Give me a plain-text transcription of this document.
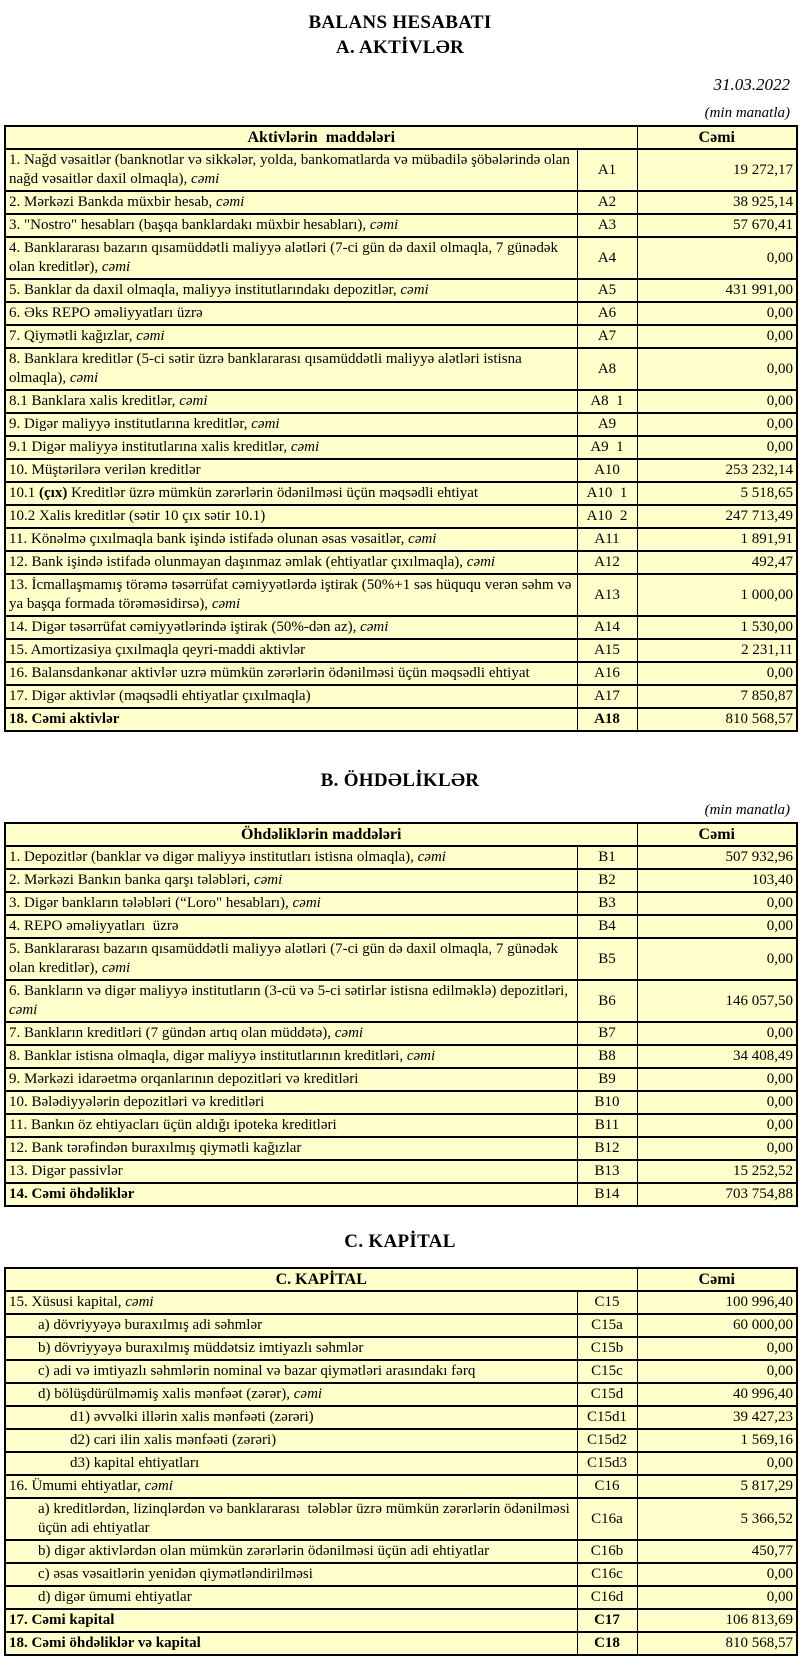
BALANS HESABATI
A. AKTİVLƏR
31.03.2022
(min manatla)
Aktivlərin  maddələri		Cəmi
1. Nağd vəsaitlər (banknotlar və sikkələr, yolda, bankomatlarda və mübadilə şöbələrində olan nağd vəsaitlər daxil olmaqla), cəmi	A1	19 272,17
2. Mərkəzi Bankda müxbir hesab, cəmi	A2	38 925,14
3. "Nostro" hesabları (başqa banklardakı müxbir hesabları), cəmi	A3	57 670,41
4. Banklararası bazarın qısamüddətli maliyyə alətləri (7-ci gün də daxil olmaqla, 7 günədək olan kreditlər), cəmi	A4	0,00
5. Banklar da daxil olmaqla, maliyyə institutlarındakı depozitlər, cəmi	A5	431 991,00
6. Əks REPO əməliyyatları üzrə	A6	0,00
7. Qiymətli kağızlar, cəmi	A7	0,00
8. Banklara kreditlər (5-ci sətir üzrə banklararası qısamüddətli maliyyə alətləri istisna olmaqla), cəmi	A8	0,00
8.1 Banklara xalis kreditlər, cəmi	A8  1	0,00
9. Digər maliyyə institutlarına kreditlər, cəmi	A9	0,00
9.1 Digər maliyyə institutlarına xalis kreditlər, cəmi	A9  1	0,00
10. Müştərilərə verilən kreditlər	A10	253 232,14
10.1 (çıx) Kreditlər üzrə mümkün zərərlərin ödənilməsi üçün məqsədli ehtiyat	A10  1	5 518,65
10.2 Xalis kreditlər (sətir 10 çıx sətir 10.1)	A10  2	247 713,49
11. Könəlmə çıxılmaqla bank işində istifadə olunan əsas vəsaitlər, cəmi	A11	1 891,91
12. Bank işində istifadə olunmayan daşınmaz əmlak (ehtiyatlar çıxılmaqla), cəmi	A12	492,47
13. İcmallaşmamış törəmə təsərrüfat cəmiyyətlərdə iştirak (50%+1 səs hüququ verən səhm və ya başqa formada törəməsidirsə), cəmi	A13	1 000,00
14. Digər təsərrüfat cəmiyyətlərində iştirak (50%-dən az), cəmi	A14	1 530,00
15. Amortizasiya çıxılmaqla qeyri-maddi aktivlər	A15	2 231,11
16. Balansdankənar aktivlər uzrə mümkün zərərlərin ödənilməsi üçün məqsədli ehtiyat	A16	0,00
17. Digər aktivlər (məqsədli ehtiyatlar çıxılmaqla)	A17	7 850,87
18. Cəmi aktivlər	A18	810 568,57
B. ÖHDƏLİKLƏR
(min manatla)
Öhdəliklərin maddələri		Cəmi
1. Depozitlər (banklar və digər maliyyə institutları istisna olmaqla), cəmi	B1	507 932,96
2. Mərkəzi Bankın banka qarşı tələbləri, cəmi	B2	103,40
3. Digər bankların tələbləri (“Loro" hesabları), cəmi	B3	0,00
4. REPO əməliyyatları  üzrə	B4	0,00
5. Banklararası bazarın qısamüddətli maliyyə alətləri (7-ci gün də daxil olmaqla, 7 günədək olan kreditlər), cəmi	B5	0,00
6. Bankların və digər maliyyə institutların (3-cü və 5-ci sətirlər istisna edilməklə) depozitləri, cəmi	B6	146 057,50
7. Bankların kreditləri (7 gündən artıq olan müddətə), cəmi	B7	0,00
8. Banklar istisna olmaqla, digər maliyyə institutlarının kreditləri, cəmi	B8	34 408,49
9. Mərkəzi idarəetmə orqanlarının depozitləri və kreditləri	B9	0,00
10. Bələdiyyələrin depozitləri və kreditləri	B10	0,00
11. Bankın öz ehtiyacları üçün aldığı ipoteka kreditləri	B11	0,00
12. Bank tərəfindən buraxılmış qiymətli kağızlar	B12	0,00
13. Digər passivlər	B13	15 252,52
14. Cəmi öhdəliklər	B14	703 754,88
C. KAPİTAL
C. KAPİTAL		Cəmi
15. Xüsusi kapital, cəmi	C15	100 996,40
a) dövriyyəyə buraxılmış adi səhmlər	C15a	60 000,00
b) dövriyyəyə buraxılmış müddətsiz imtiyazlı səhmlər	C15b	0,00
c) adi və imtiyazlı səhmlərin nominal və bazar qiymətləri arasındakı fərq	C15c	0,00
d) bölüşdürülməmiş xalis mənfəət (zərər), cəmi	C15d	40 996,40
d1) əvvəlki illərin xalis mənfəəti (zərəri)	C15d1	39 427,23
d2) cari ilin xalis mənfəəti (zərəri)	C15d2	1 569,16
d3) kapital ehtiyatları	C15d3	0,00
16. Ümumi ehtiyatlar, cəmi	C16	5 817,29
a) kreditlərdən, lizinqlərdən və banklararası  tələblər üzrə mümkün zərərlərin ödənilməsi üçün adi ehtiyatlar	C16a	5 366,52
b) digər aktivlərdən olan mümkün zərərlərin ödənilməsi üçün adi ehtiyatlar	C16b	450,77
c) əsas vəsaitlərin yenidən qiymətləndirilməsi	C16c	0,00
d) digər ümumi ehtiyatlar	C16d	0,00
17. Cəmi kapital	C17	106 813,69
18. Cəmi öhdəliklər və kapital	C18	810 568,57
